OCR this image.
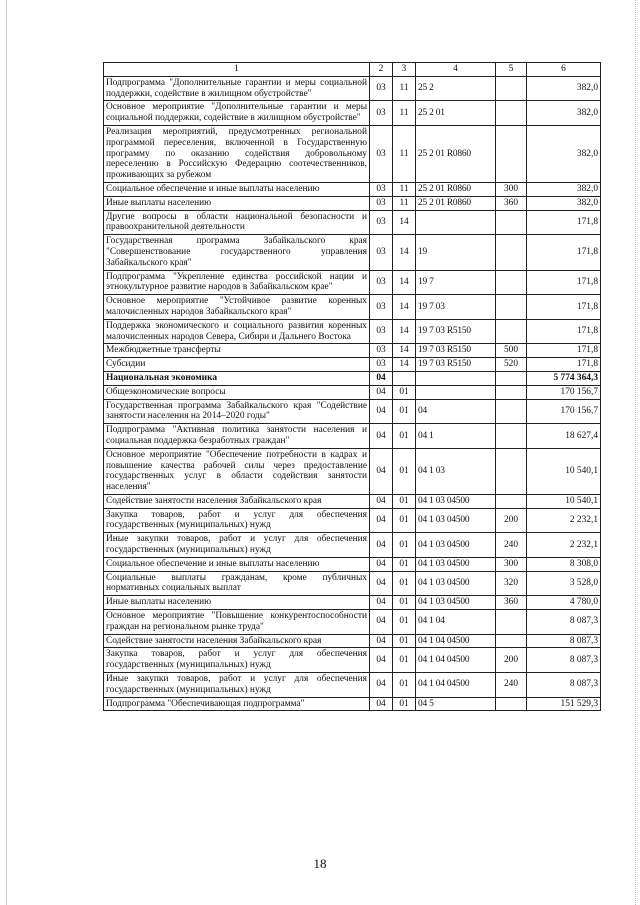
1	2	3	4	5	6
Подпрограмма "Дополнительные гарантии и меры социальной поддержки, содействие в жилищном обустройстве"	03	11	25 2		382,0
Основное мероприятие "Дополнительные гарантии и меры социальной поддержки, содействие в жилищном обустройстве"	03	11	25 2 01		382,0
Реализация мероприятий, предусмотренных региональной программой переселения, включенной в Государственную программу по оказанию содействия добровольному переселению в Российскую Федерацию соотечественников, проживающих за рубежом	03	11	25 2 01 R0860		382,0
Социальное обеспечение и иные выплаты населению	03	11	25 2 01 R0860	300	382,0
Иные выплаты населению	03	11	25 2 01 R0860	360	382,0
Другие вопросы в области национальной безопасности и правоохранительной деятельности	03	14			171,8
Государственная программа Забайкальского края "Совершенствование государственного управления Забайкальского края"	03	14	19		171,8
Подпрограмма "Укрепление единства российской нации и этнокультурное развитие народов в Забайкальском крае"	03	14	19 7		171,8
Основное мероприятие "Устойчивое развитие коренных малочисленных народов Забайкальского края"	03	14	19 7 03		171,8
Поддержка экономического и социального развития коренных малочисленных народов Севера, Сибири и Дальнего Востока	03	14	19 7 03 R5150		171,8
Межбюджетные трансферты	03	14	19 7 03 R5150	500	171,8
Субсидии	03	14	19 7 03 R5150	520	171,8
Национальная экономика	04				5 774 364,3
Общеэкономические вопросы	04	01			170 156,7
Государственная программа Забайкальского края "Содействие занятости населения на 2014–2020 годы"	04	01	04		170 156,7
Подпрограмма "Активная политика занятости населения и социальная поддержка безработных граждан"	04	01	04 1		18 627,4
Основное мероприятие "Обеспечение потребности в кадрах и повышение качества рабочей силы через предоставление государственных услуг в области содействия занятости населения"	04	01	04 1 03		10 540,1
Содействие занятости населения Забайкальского края	04	01	04 1 03 04500		10 540,1
Закупка товаров, работ и услуг для обеспечения государственных (муниципальных) нужд	04	01	04 1 03 04500	200	2 232,1
Иные закупки товаров, работ и услуг для обеспечения государственных (муниципальных) нужд	04	01	04 1 03 04500	240	2 232,1
Социальное обеспечение и иные выплаты населению	04	01	04 1 03 04500	300	8 308,0
Социальные выплаты гражданам, кроме публичных нормативных социальных выплат	04	01	04 1 03 04500	320	3 528,0
Иные выплаты населению	04	01	04 1 03 04500	360	4 780,0
Основное мероприятие "Повышение конкурентоспособности граждан на региональном рынке труда"	04	01	04 1 04		8 087,3
Содействие занятости населения Забайкальского края	04	01	04 1 04 04500		8 087,3
Закупка товаров, работ и услуг для обеспечения государственных (муниципальных) нужд	04	01	04 1 04 04500	200	8 087,3
Иные закупки товаров, работ и услуг для обеспечения государственных (муниципальных) нужд	04	01	04 1 04 04500	240	8 087,3
Подпрограмма "Обеспечивающая подпрограмма"	04	01	04 5		151 529,3
18
